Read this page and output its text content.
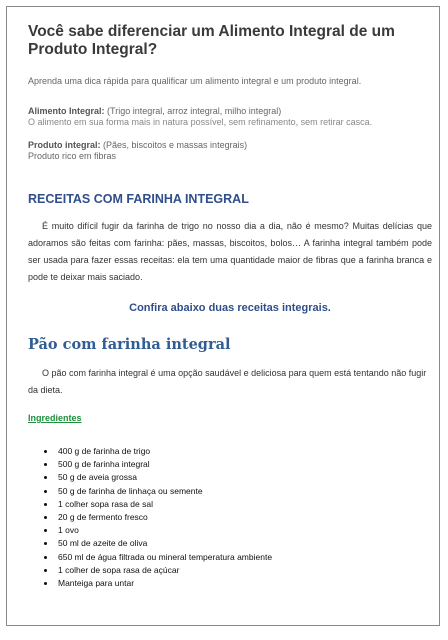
Você sabe diferenciar um Alimento Integral de um Produto Integral?
Aprenda uma dica rápida para qualificar um alimento integral e um produto integral.
Alimento Integral: (Trigo integral, arroz integral, milho integral)
O alimento em sua forma mais in natura possível, sem refinamento, sem retirar casca.
Produto integral: (Pães, biscoitos e massas integrais)
Produto rico em fibras
RECEITAS COM FARINHA INTEGRAL

É muito difícil fugir da farinha de trigo no nosso dia a dia, não é mesmo? Muitas delícias que adoramos são feitas com farinha: pães, massas, biscoitos, bolos… A farinha integral também pode ser usada para fazer essas receitas: ela tem uma quantidade maior de fibras que a farinha branca e pode te deixar mais saciado.

Confira abaixo duas receitas integrais.
Pão com farinha integral

O pão com farinha integral é uma opção saudável e deliciosa para quem está tentando não fugir da dieta.

Ingredientes
• 400 g de farinha de trigo
• 500 g de farinha integral
• 50 g de aveia grossa
• 50 g de farinha de linhaça ou semente
• 1 colher sopa rasa de sal
• 20 g de fermento fresco
• 1 ovo
• 50 ml de azeite de oliva
• 650 ml de água filtrada ou mineral temperatura ambiente
• 1 colher de sopa rasa de açúcar
• Manteiga para untar
